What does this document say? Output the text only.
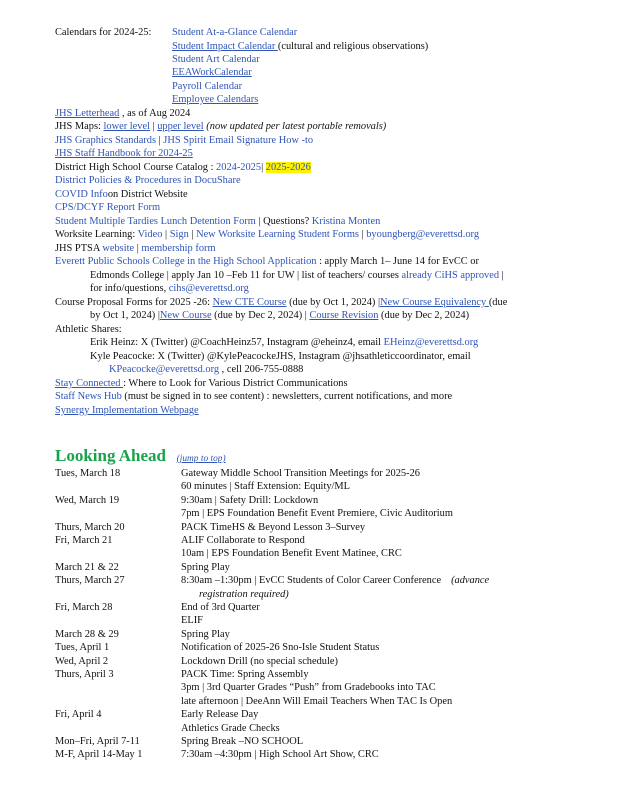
Calendars for 2024-25: Student At-a-Glance Calendar
Student Impact Calendar (cultural and religious observations)
Student Art Calendar
EEAWorkCalendar
Payroll Calendar
Employee Calendars
JHS Letterhead , as of Aug 2024
JHS Maps: lower level | upper level (now updated per latest portable removals)
JHS Graphics Standards | JHS Spirit Email Signature How -to
JHS Staff Handbook for 2024-25
District High School Course Catalog : 2024-2025| 2025-2026
District Policies & Procedures in DocuShare
COVID Infoon District Website
CPS/DCYF Report Form
Student Multiple Tardies Lunch Detention Form | Questions? Kristina Monten
Worksite Learning: Video | Sign | New Worksite Learning Student Forms | byoungberg@everettsd.org
JHS PTSA website | membership form
Everett Public Schools College in the High School Application : apply March 1– June 14 for EvCC or
Edmonds College | apply Jan 10 –Feb 11 for UW | list of teachers/ courses already CiHS approved |
for info/questions, cihs@everettsd.org
Course Proposal Forms for 2025 -26: New CTE Course (due by Oct 1, 2024) |New Course Equivalency (due
by Oct 1, 2024) |New Course (due by Dec 2, 2024) | Course Revision (due by Dec 2, 2024)
Athletic Shares:
Erik Heinz: X (Twitter) @CoachHeinz57, Instagram @eheinz4, email EHeinz@everettsd.org
Kyle Peacocke: X (Twitter) @KylePeacockeJHS, Instagram @jhsathleticcoordinator, email
KPeacocke@everettsd.org , cell 206-755-0888
Stay Connected : Where to Look for Various District Communications
Staff News Hub (must be signed in to see content) : newsletters, current notifications, and more
Synergy Implementation Webpage
Looking Ahead (jump to top)
Tues, March 18	Gateway Middle School Transition Meetings for 2025-26
60 minutes | Staff Extension: Equity/ML
Wed, March 19	9:30am | Safety Drill: Lockdown
7pm | EPS Foundation Benefit Event Premiere, Civic Auditorium
Thurs, March 20	PACK TimeHS & Beyond Lesson 3–Survey
Fri, March 21	ALIF Collaborate to Respond
10am | EPS Foundation Benefit Event Matinee, CRC
March 21 & 22	Spring Play
Thurs, March 27	8:30am –1:30pm | EvCC Students of Color Career Conference (advance
registration required)
Fri, March 28	End of 3rd Quarter
ELIF
March 28 & 29	Spring Play
Tues, April 1	Notification of 2025-26 Sno-Isle Student Status
Wed, April 2	Lockdown Drill (no special schedule)
Thurs, April 3	PACK Time: Spring Assembly
3pm | 3rd Quarter Grades “Push” from Gradebooks into TAC
late afternoon | DeeAnn Will Email Teachers When TAC Is Open
Fri, April 4	Early Release Day
Athletics Grade Checks
Mon–Fri, April 7-11	Spring Break –NO SCHOOL
M-F, April 14-May 1	7:30am –4:30pm | High School Art Show, CRC
